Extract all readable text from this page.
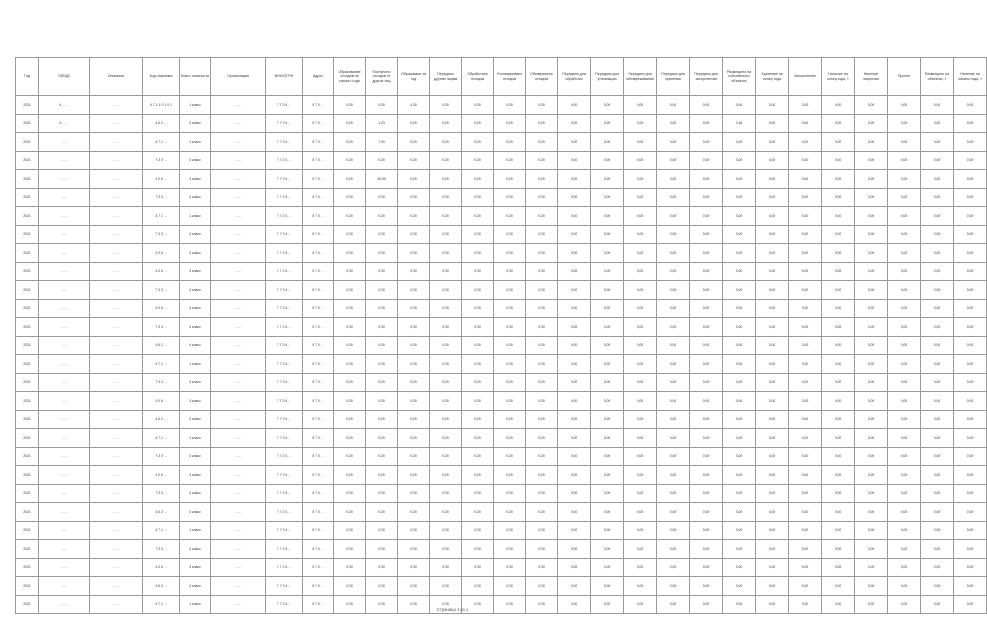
Год	ОКПД2	Описание	Код описания	Класс опасности	Организация	ИНН/ОГРН	Адрес	Образование отходов на начало года	Поступило отходов от других лиц	Образовано за год	Передано другим лицам	Обработано отходов	Утилизировано отходов	Обезврежено отходов	Передано для обработки	Передано для утилизации	Передано для обезвреживания	Передано для хранения	Передано для захоронения	Размещено на собственных объектах	Хранение на конец года	Захоронение	Наличие на конец года, т	Наличие лицензии	Прочее	Размещено на объектах, т	Наличие на начало года, т
2021	4 ... ...	... ...	4 7 1 1 0 1 0 1	1 класс	... ...	7 7 0 4 ...	5 7 0 ...	0,00	0,00	4,00	0,00	0,00	0,00	0,00	0,00	0,00	0,00	0,00	0,00	0,00	0,00	0,00	0,00	0,00	0,00	0,00	0,00
2021	4 ... ...	... ...	4 6 2 ...	4 класс	... ...	7 7 0 4 ...	5 7 0 ...	0,00	1,23	0,00	0,00	0,00	0,00	0,00	0,00	0,00	0,00	0,00	0,00	2,45	0,00	0,00	0,00	0,00	0,00	0,00	0,00
2021	... ...	... ...	4 7 1 ...	1 класс	... ...	7 7 0 4 ...	5 7 0 ...	0,00	7,00	0,00	0,00	0,00	0,00	0,00	0,00	0,00	0,00	0,00	0,00	0,00	0,00	0,00	0,00	0,00	0,00	0,00	0,00
2021	... ...	... ...	7 3 3 ...	4 класс	... ...	7 7 0 4 ...	5 7 0 ...	0,00	0,00	0,00	0,00	0,00	0,00	0,00	0,00	0,00	0,00	0,00	0,00	0,00	0,00	0,00	0,00	0,00	0,00	0,00	0,00
2021	... ...	... ...	4 0 6 ...	3 класс	... ...	7 7 0 4 ...	5 7 0 ...	0,00	26,90	0,00	0,00	0,00	0,00	0,00	0,00	0,00	0,00	0,00	0,00	0,00	0,00	0,00	0,00	0,00	0,00	0,00	0,00
2021	... ...	... ...	7 3 3 ...	4 класс	... ...	7 7 0 4 ...	5 7 0 ...	0,00	0,00	0,00	0,00	0,00	0,00	0,00	0,00	0,00	0,00	0,00	0,00	0,00	0,00	0,00	0,00	0,00	0,00	0,00	0,00
2021	... ...	... ...	4 7 1 ...	1 класс	... ...	7 7 0 4 ...	5 7 0 ...	0,00	0,00	0,00	0,00	0,00	0,00	0,00	0,00	0,00	0,00	0,00	0,00	0,00	0,00	0,00	0,00	0,00	0,00	0,00	0,00
2021	... ...	... ...	7 3 3 ...	4 класс	... ...	7 7 0 4 ...	5 7 0 ...	0,00	0,00	0,00	0,00	0,00	0,00	0,00	0,00	0,00	0,00	0,00	0,00	0,00	0,00	0,00	0,00	0,00	0,00	0,00	0,00
2021	... ...	... ...	4 0 6 ...	3 класс	... ...	7 7 0 4 ...	5 7 0 ...	0,00	0,00	0,00	0,00	0,00	0,00	0,00	0,00	0,00	0,00	0,00	0,00	0,00	0,00	0,00	0,00	0,00	0,00	0,00	0,00
2021	... ...	... ...	4 0 6 ...	3 класс	... ...	7 7 0 4 ...	5 7 0 ...	0,00	0,00	0,00	0,00	0,00	0,00	0,00	0,00	0,00	0,00	0,00	0,00	0,00	0,00	0,00	0,00	0,00	0,00	0,00	0,00
2021	... ...	... ...	7 3 3 ...	4 класс	... ...	7 7 0 4 ...	5 7 0 ...	0,00	0,00	0,00	0,00	0,00	0,00	0,00	0,00	0,00	0,00	0,00	0,00	0,00	0,00	0,00	0,00	0,00	0,00	0,00	0,00
2021	... ...	... ...	4 0 6 ...	3 класс	... ...	7 7 0 4 ...	5 7 0 ...	0,00	0,00	0,00	0,00	0,00	0,00	0,00	0,00	0,00	0,00	0,00	0,00	0,00	0,00	0,00	0,00	0,00	0,00	0,00	0,00
2021	... ...	... ...	7 3 3 ...	4 класс	... ...	7 7 0 4 ...	5 7 0 ...	0,00	0,00	0,00	0,00	0,00	0,00	0,00	0,00	0,00	0,00	0,00	0,00	0,00	0,00	0,00	0,00	0,00	0,00	0,00	0,00
2021	... ...	... ...	4 6 2 ...	4 класс	... ...	7 7 0 4 ...	5 7 0 ...	0,00	0,00	0,00	0,00	0,00	0,00	0,00	0,00	0,00	0,00	0,00	0,00	0,00	0,00	0,00	0,00	0,00	0,00	0,00	0,00
2021	... ...	... ...	4 7 1 ...	1 класс	... ...	7 7 0 4 ...	5 7 0 ...	0,00	0,00	0,00	0,00	0,00	0,00	0,00	0,00	0,00	0,00	0,00	0,00	0,00	0,00	0,00	0,00	0,00	0,00	0,00	0,00
2021	... ...	... ...	7 3 3 ...	4 класс	... ...	7 7 0 4 ...	5 7 0 ...	0,00	0,00	0,00	0,00	0,00	0,00	0,00	0,00	0,00	0,00	0,00	0,00	0,00	0,00	0,00	0,00	0,00	0,00	0,00	0,00
2021	... ...	... ...	4 0 6 ...	3 класс	... ...	7 7 0 4 ...	5 7 0 ...	0,00	0,00	0,00	0,00	0,00	0,00	0,00	0,00	0,00	0,00	0,00	0,00	0,00	0,00	0,00	0,00	0,00	0,00	0,00	0,00
2021	... ...	... ...	4 6 2 ...	4 класс	... ...	7 7 0 4 ...	5 7 0 ...	0,00	0,00	0,00	0,00	0,00	0,00	0,00	0,00	0,00	0,00	0,00	0,00	0,00	0,00	0,00	0,00	0,00	0,00	0,00	0,00
2021	... ...	... ...	4 7 1 ...	1 класс	... ...	7 7 0 4 ...	5 7 0 ...	0,00	0,00	0,00	0,00	0,00	0,00	0,00	0,00	0,00	0,00	0,00	0,00	0,00	0,00	0,00	0,00	0,00	0,00	0,00	0,00
2021	... ...	... ...	7 3 3 ...	4 класс	... ...	7 7 0 4 ...	5 7 0 ...	0,00	0,00	0,00	0,00	0,00	0,00	0,00	0,00	0,00	0,00	0,00	0,00	0,00	0,00	0,00	0,00	0,00	0,00	0,00	0,00
2021	... ...	... ...	4 0 6 ...	3 класс	... ...	7 7 0 4 ...	5 7 0 ...	0,00	0,00	0,00	0,00	0,00	0,00	0,00	0,00	0,00	0,00	0,00	0,00	0,00	0,00	0,00	0,00	0,00	0,00	0,00	0,00
2021	... ...	... ...	7 3 3 ...	4 класс	... ...	7 7 0 4 ...	5 7 0 ...	0,00	0,00	0,00	0,00	0,00	0,00	0,00	0,00	0,00	0,00	0,00	0,00	0,00	0,00	0,00	0,00	0,00	0,00	0,00	0,00
2021	... ...	... ...	4 6 2 ...	4 класс	... ...	7 7 0 4 ...	5 7 0 ...	0,00	0,00	0,00	0,00	0,00	0,00	0,00	0,00	0,00	0,00	0,00	0,00	0,00	0,00	0,00	0,00	0,00	0,00	0,00	0,00
2021	... ...	... ...	4 7 1 ...	1 класс	... ...	7 7 0 4 ...	5 7 0 ...	0,00	0,00	0,00	0,00	0,00	0,00	0,00	0,00	0,00	0,00	0,00	0,00	0,00	0,00	0,00	0,00	0,00	0,00	0,00	0,00
2021	... ...	... ...	7 3 3 ...	4 класс	... ...	7 7 0 4 ...	5 7 0 ...	0,00	0,00	0,00	0,00	0,00	0,00	0,00	0,00	0,00	0,00	0,00	0,00	0,00	0,00	0,00	0,00	0,00	0,00	0,00	0,00
2021	... ...	... ...	4 0 6 ...	3 класс	... ...	7 7 0 4 ...	5 7 0 ...	0,00	0,00	0,00	0,00	0,00	0,00	0,00	0,00	0,00	0,00	0,00	0,00	0,00	0,00	0,00	0,00	0,00	0,00	0,00	0,00
2021	... ...	... ...	4 6 2 ...	4 класс	... ...	7 7 0 4 ...	5 7 0 ...	0,00	0,00	0,00	0,00	0,00	0,00	0,00	0,00	0,00	0,00	0,00	0,00	0,00	0,00	0,00	0,00	0,00	0,00	0,00	0,00
2021	... ...	... ...	4 7 1 ...	1 класс	... ...	7 7 0 4 ...	5 7 0 ...	0,00	0,00	0,00	0,00	0,00	0,00	0,00	0,00	0,00	0,00	0,00	0,00	0,00	0,00	0,00	0,00	0,00	0,00	0,00	0,00
Страница 1 из 1
